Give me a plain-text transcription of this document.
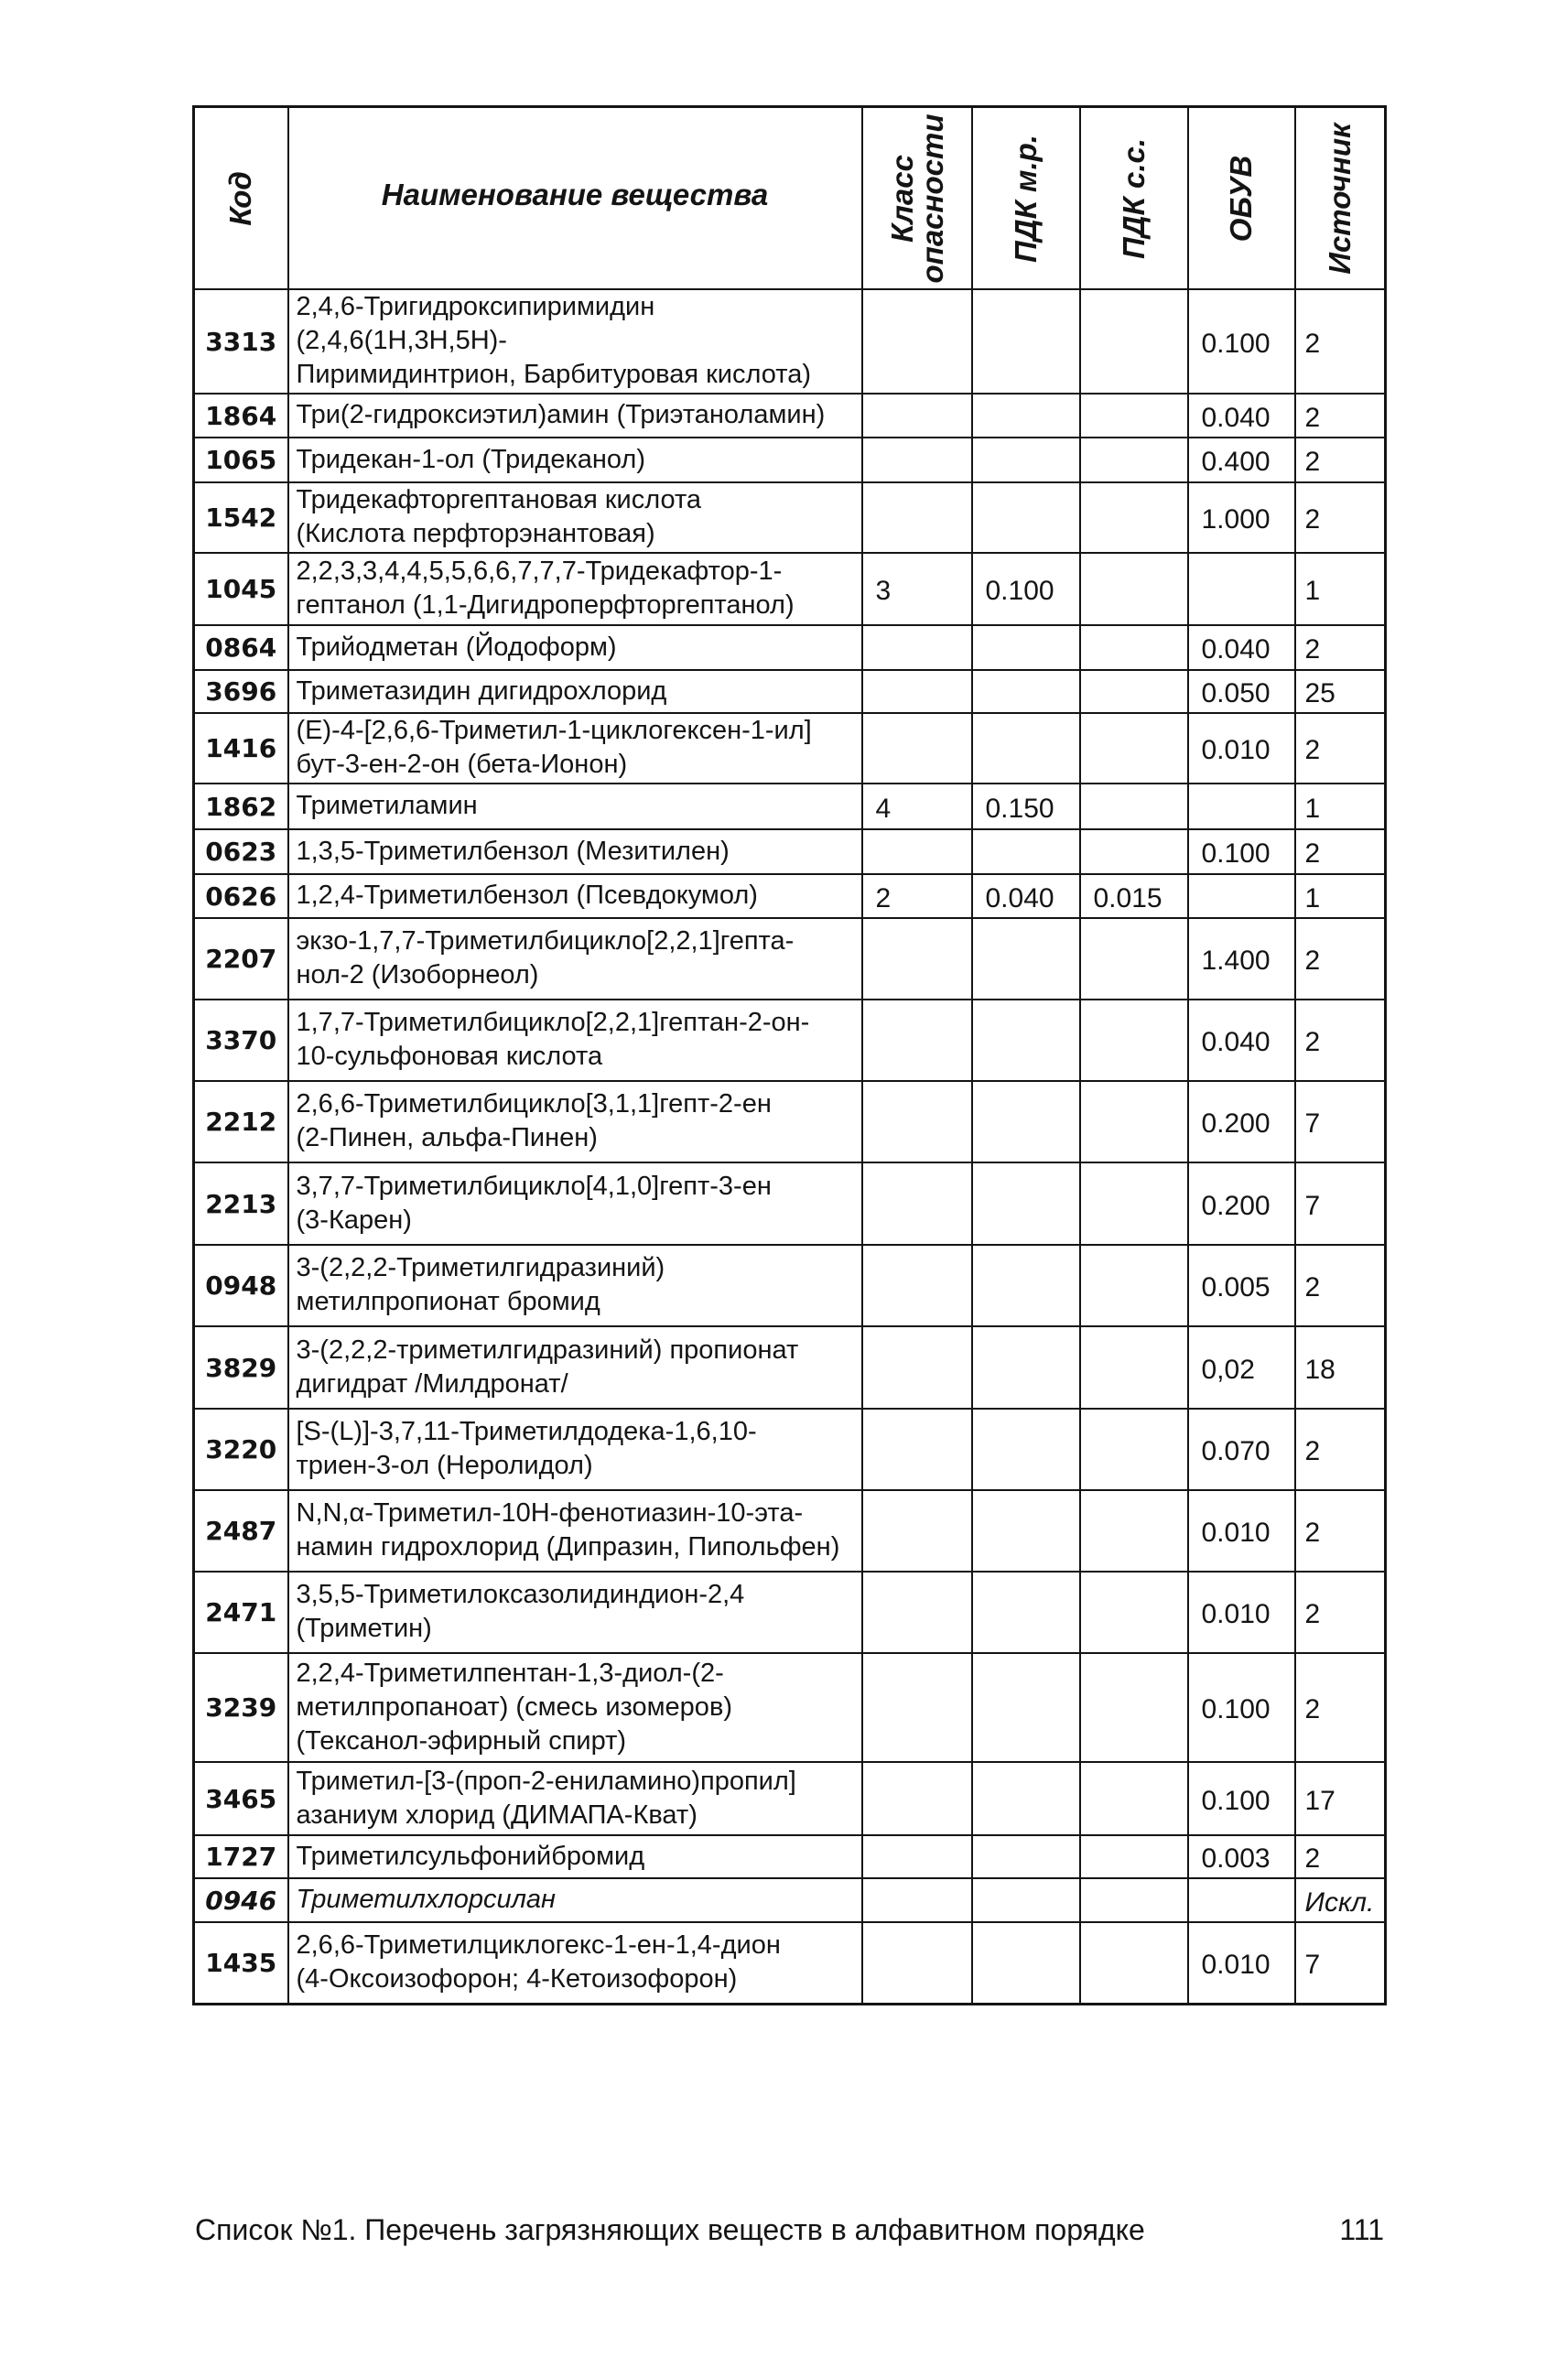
Код	Наименование вещества	Класс
опасности	ПДК м.р.	ПДК с.с.	ОБУВ	Источник

3313	2,4,6-Тригидроксипиримидин (2,4,6(1H,3H,5H)-
Пиримидинтрион, Барбитуровая кислота)				0.100	2
1864	Три(2-гидроксиэтил)амин (Триэтаноламин)				0.040	2
1065	Тридекан-1-ол (Тридеканол)				0.400	2
1542	Тридекафторгептановая кислота
(Кислота перфторэнантовая)				1.000	2
1045	2,2,3,3,4,4,5,5,6,6,7,7,7-Тридекафтор-1-
гептанол (1,1-Дигидроперфторгептанол)	3	0.100			1
0864	Трийодметан (Йодоформ)				0.040	2
3696	Триметазидин дигидрохлорид				0.050	25
1416	(E)-4-[2,6,6-Триметил-1-циклогексен-1-ил]
бут-3-ен-2-он (бета-Ионон)				0.010	2
1862	Триметиламин	4	0.150			1
0623	1,3,5-Триметилбензол (Мезитилен)				0.100	2
0626	1,2,4-Триметилбензол (Псевдокумол)	2	0.040	0.015		1
2207	экзо-1,7,7-Триметилбицикло[2,2,1]гепта-
нол-2 (Изоборнеол)				1.400	2
3370	1,7,7-Триметилбицикло[2,2,1]гептан-2-он-
10-сульфоновая кислота				0.040	2
2212	2,6,6-Триметилбицикло[3,1,1]гепт-2-ен
(2-Пинен, альфа-Пинен)				0.200	7
2213	3,7,7-Триметилбицикло[4,1,0]гепт-3-ен
(3-Карен)				0.200	7
0948	3-(2,2,2-Триметилгидразиний)
метилпропионат бромид				0.005	2
3829	3-(2,2,2-триметилгидразиний) пропионат
дигидрат /Милдронат/				0,02	18
3220	[S-(L)]-3,7,11-Триметилдодека-1,6,10-
триен-3-ол (Неролидол)				0.070	2
2487	N,N,α-Триметил-10H-фенотиазин-10-эта-
намин гидрохлорид (Дипразин, Пипольфен)				0.010	2
2471	3,5,5-Триметилоксазолидиндион-2,4
(Триметин)				0.010	2
3239	2,2,4-Триметилпентан-1,3-диол-(2-
метилпропаноат) (смесь изомеров)
(Тексанол-эфирный спирт)				0.100	2
3465	Триметил-[3-(проп-2-ениламино)пропил]
азаниум хлорид (ДИМАПА-Кват)				0.100	17
1727	Триметилсульфонийбромид				0.003	2
0946	Триметилхлорсилан					Искл.
1435	2,6,6-Триметилциклогекс-1-ен-1,4-дион
(4-Оксоизофорон; 4-Кетоизофорон)				0.010	7
Список №1. Перечень загрязняющих веществ в алфавитном порядке	111
